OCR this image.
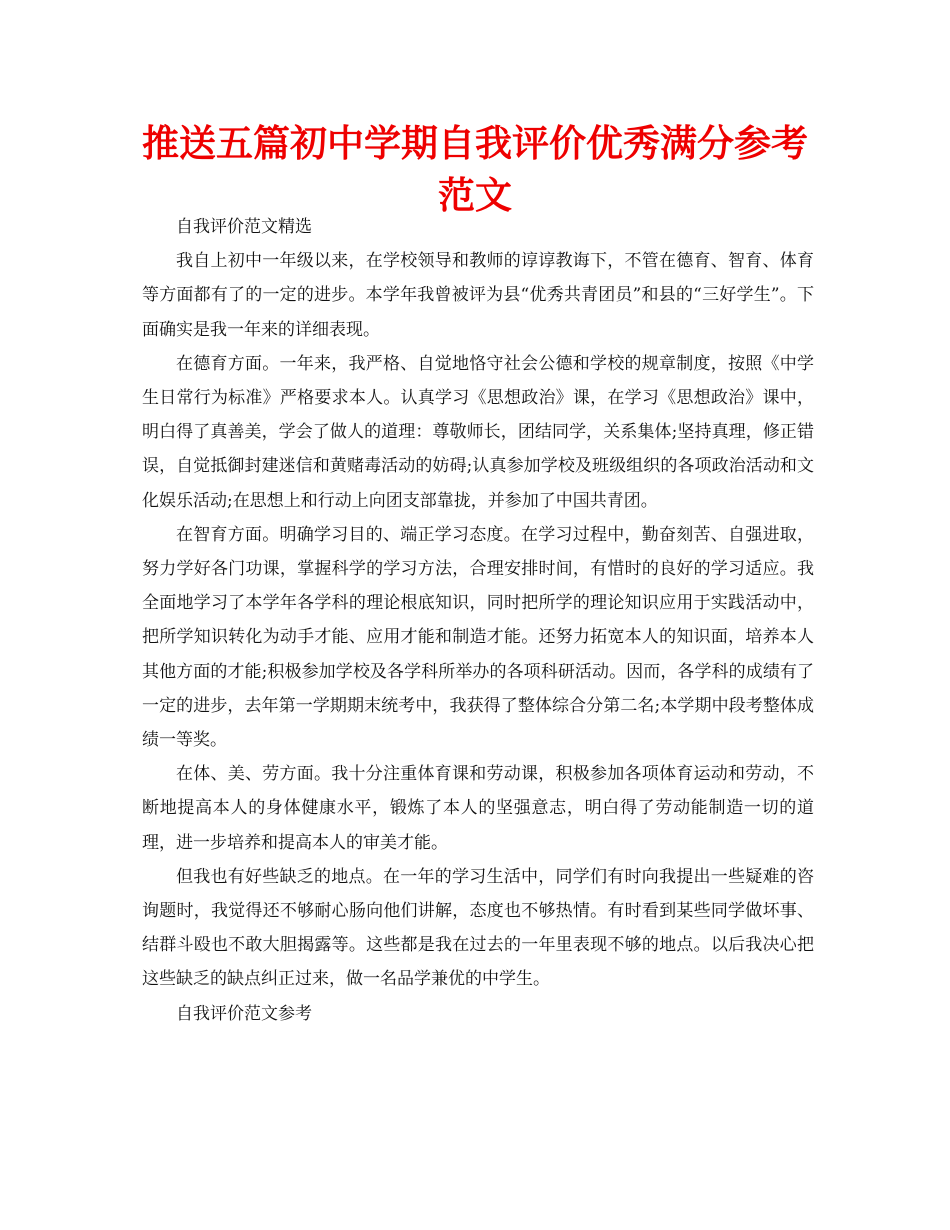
推送五篇初中学期自我评价优秀满分参考
范文

自我评价范文精选

我自上初中一年级以来，在学校领导和教师的谆谆教诲下，不管在德育、智育、体育等方面都有了的一定的进步。本学年我曾被评为县“优秀共青团员”和县的“三好学生”。下面确实是我一年来的详细表现。

在德育方面。一年来，我严格、自觉地恪守社会公德和学校的规章制度，按照《中学生日常行为标准》严格要求本人。认真学习《思想政治》课，在学习《思想政治》课中，明白得了真善美，学会了做人的道理：尊敬师长，团结同学，关系集体;坚持真理，修正错误，自觉抵御封建迷信和黄赌毒活动的妨碍;认真参加学校及班级组织的各项政治活动和文化娱乐活动;在思想上和行动上向团支部靠拢，并参加了中国共青团。

在智育方面。明确学习目的、端正学习态度。在学习过程中，勤奋刻苦、自强进取，努力学好各门功课，掌握科学的学习方法，合理安排时间，有惜时的良好的学习适应。我全面地学习了本学年各学科的理论根底知识，同时把所学的理论知识应用于实践活动中，把所学知识转化为动手才能、应用才能和制造才能。还努力拓宽本人的知识面，培养本人其他方面的才能;积极参加学校及各学科所举办的各项科研活动。因而，各学科的成绩有了一定的进步，去年第一学期期末统考中，我获得了整体综合分第二名;本学期中段考整体成绩一等奖。

在体、美、劳方面。我十分注重体育课和劳动课，积极参加各项体育运动和劳动，不断地提高本人的身体健康水平，锻炼了本人的坚强意志，明白得了劳动能制造一切的道理，进一步培养和提高本人的审美才能。

但我也有好些缺乏的地点。在一年的学习生活中，同学们有时向我提出一些疑难的咨询题时，我觉得还不够耐心肠向他们讲解，态度也不够热情。有时看到某些同学做坏事、结群斗殴也不敢大胆揭露等。这些都是我在过去的一年里表现不够的地点。以后我决心把这些缺乏的缺点纠正过来，做一名品学兼优的中学生。

自我评价范文参考
